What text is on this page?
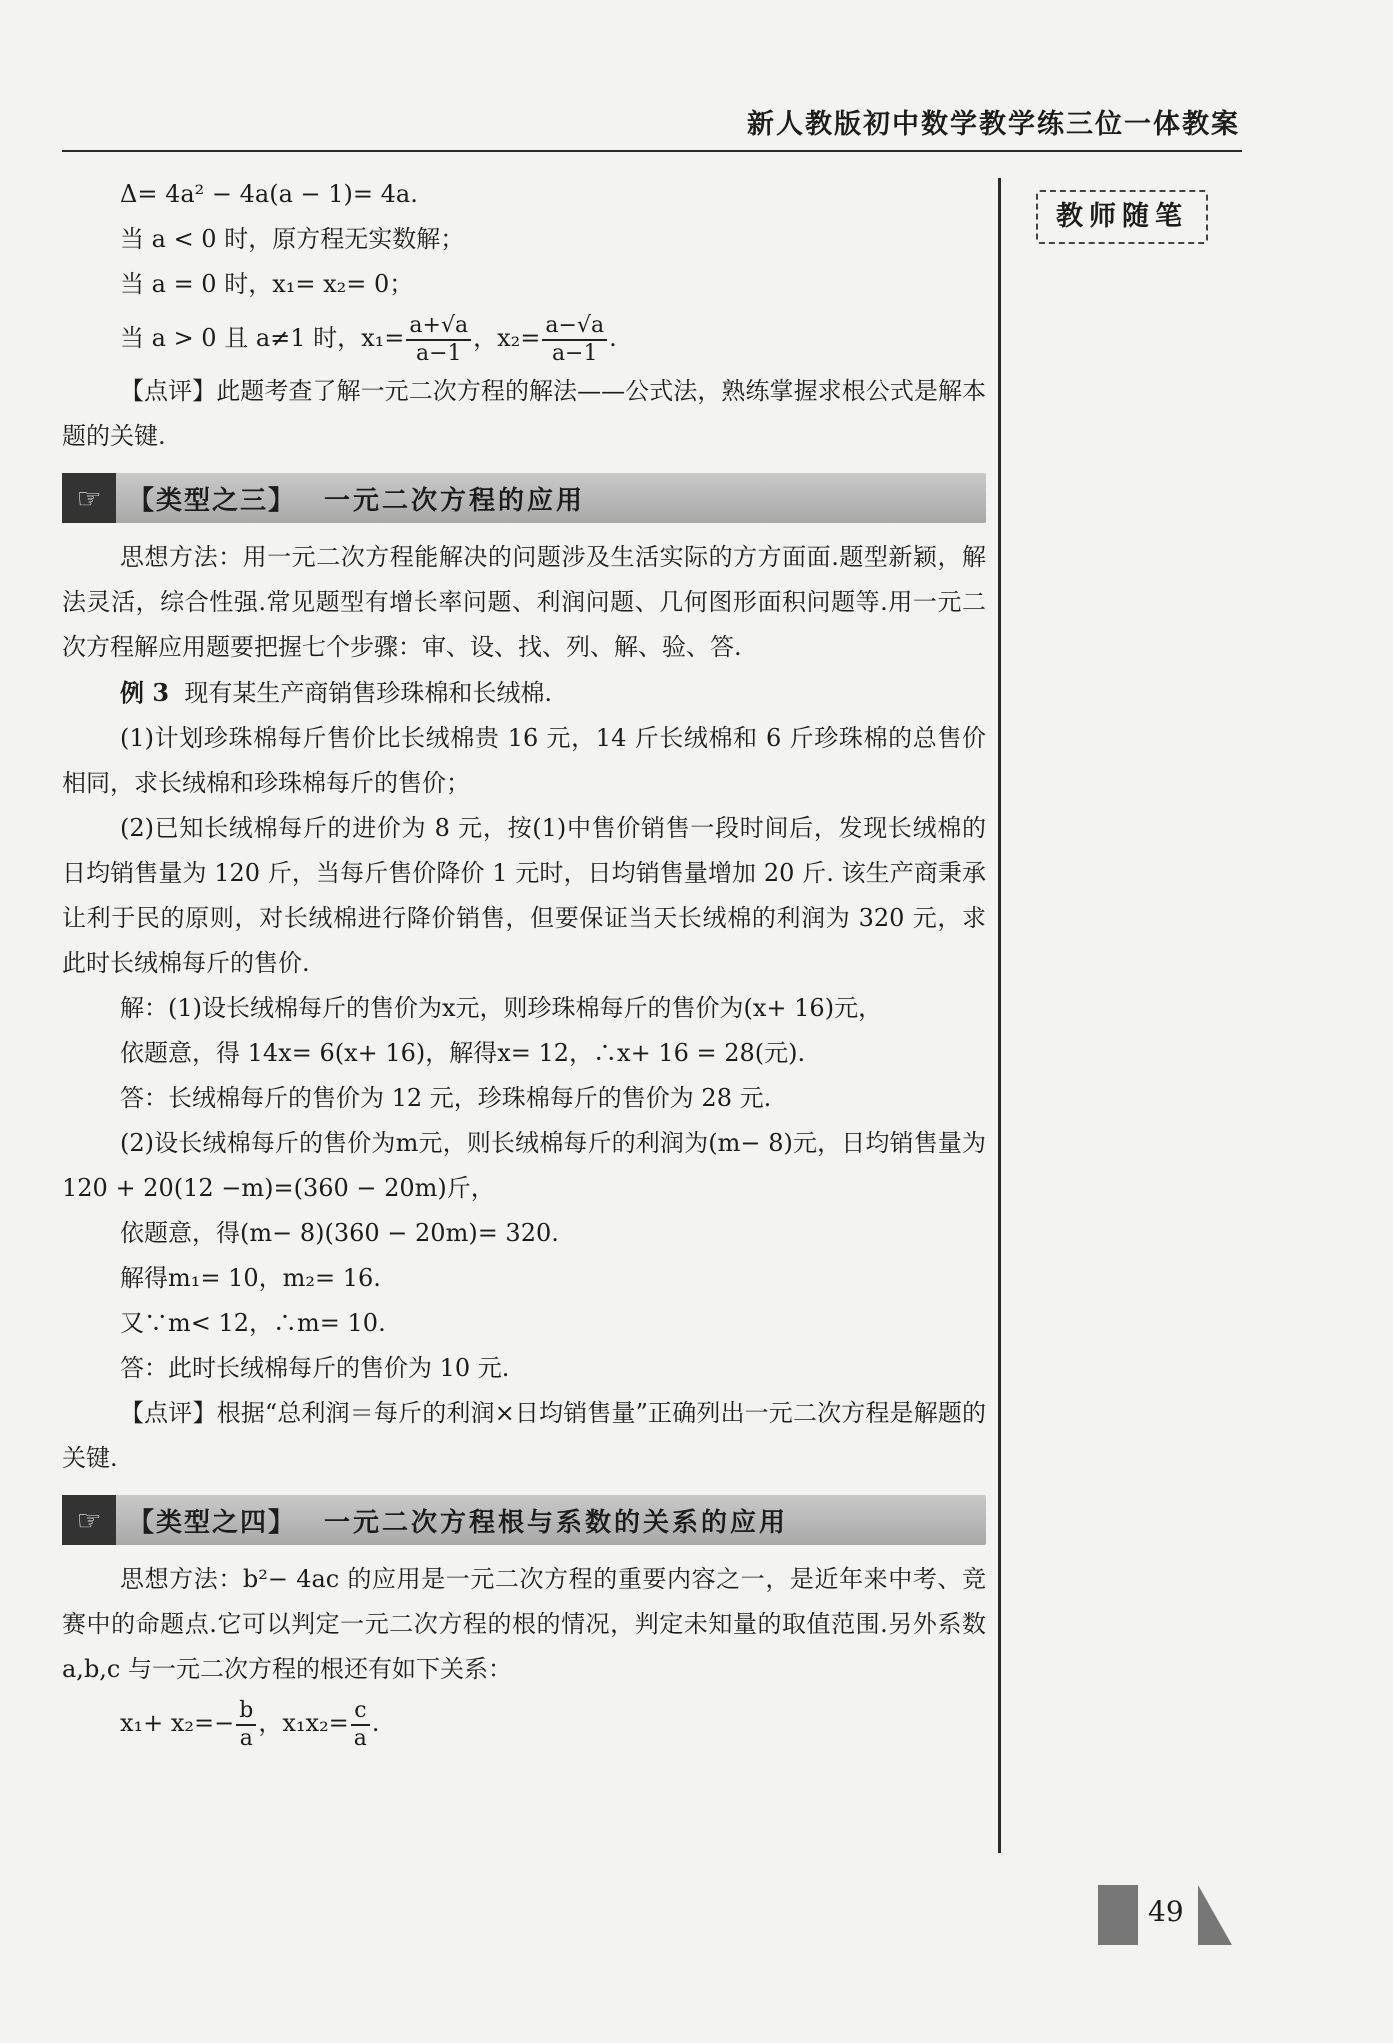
新人教版初中数学教学练三位一体教案
教师随笔

Δ= 4a² − 4a(a − 1)= 4a.

当 a < 0 时，原方程无实数解；

当 a = 0 时，x₁= x₂= 0；

当 a > 0 且 a≠1 时，$x_1= \frac{a+√a}{a-1}$ ，$x_2= \frac{a-√a}{a-1}$ .

【点评】此题考查了解一元二次方程的解法——公式法，熟练掌握求根公式是解本题的关键.

☞	【类型之三】 一元二次方程的应用

思想方法：用一元二次方程能解决的问题涉及生活实际的方方面面.题型新颖，解法灵活，综合性强.常见题型有增长率问题、利润问题、几何图形面积问题等.用一元二次方程解应用题要把握七个步骤：审、设、找、列、解、验、答.

例 3 现有某生产商销售珍珠棉和长绒棉.

(1)计划珍珠棉每斤售价比长绒棉贵 16 元，14 斤长绒棉和 6 斤珍珠棉的总售价相同，求长绒棉和珍珠棉每斤的售价；

(2)已知长绒棉每斤的进价为 8 元，按(1)中售价销售一段时间后，发现长绒棉的日均销售量为 120 斤，当每斤售价降价 1 元时，日均销售量增加 20 斤. 该生产商秉承让利于民的原则，对长绒棉进行降价销售，但要保证当天长绒棉的利润为 320 元，求此时长绒棉每斤的售价.

解：(1)设长绒棉每斤的售价为x元，则珍珠棉每斤的售价为(x+ 16)元，

依题意，得 14x= 6(x+ 16)，解得x= 12，∴x+ 16 = 28(元).

答：长绒棉每斤的售价为 12 元，珍珠棉每斤的售价为 28 元.

(2)设长绒棉每斤的售价为m元，则长绒棉每斤的利润为(m− 8)元，日均销售量为 120 + 20(12 −m)=(360 − 20m)斤，

依题意，得(m− 8)(360 − 20m)= 320.

解得m₁= 10，m₂= 16.

又∵m< 12，∴m= 10.

答：此时长绒棉每斤的售价为 10 元.

【点评】根据“总利润＝每斤的利润×日均销售量”正确列出一元二次方程是解题的关键.

☞	【类型之四】 一元二次方程根与系数的关系的应用

思想方法：b²− 4ac 的应用是一元二次方程的重要内容之一，是近年来中考、竞赛中的命题点.它可以判定一元二次方程的根的情况，判定未知量的取值范围.另外系数 a,b,c 与一元二次方程的根还有如下关系：

$x_1+ x_2=- \frac{b}{a}$ ，$x_1x_2= \frac{c}{a}$ .

49
